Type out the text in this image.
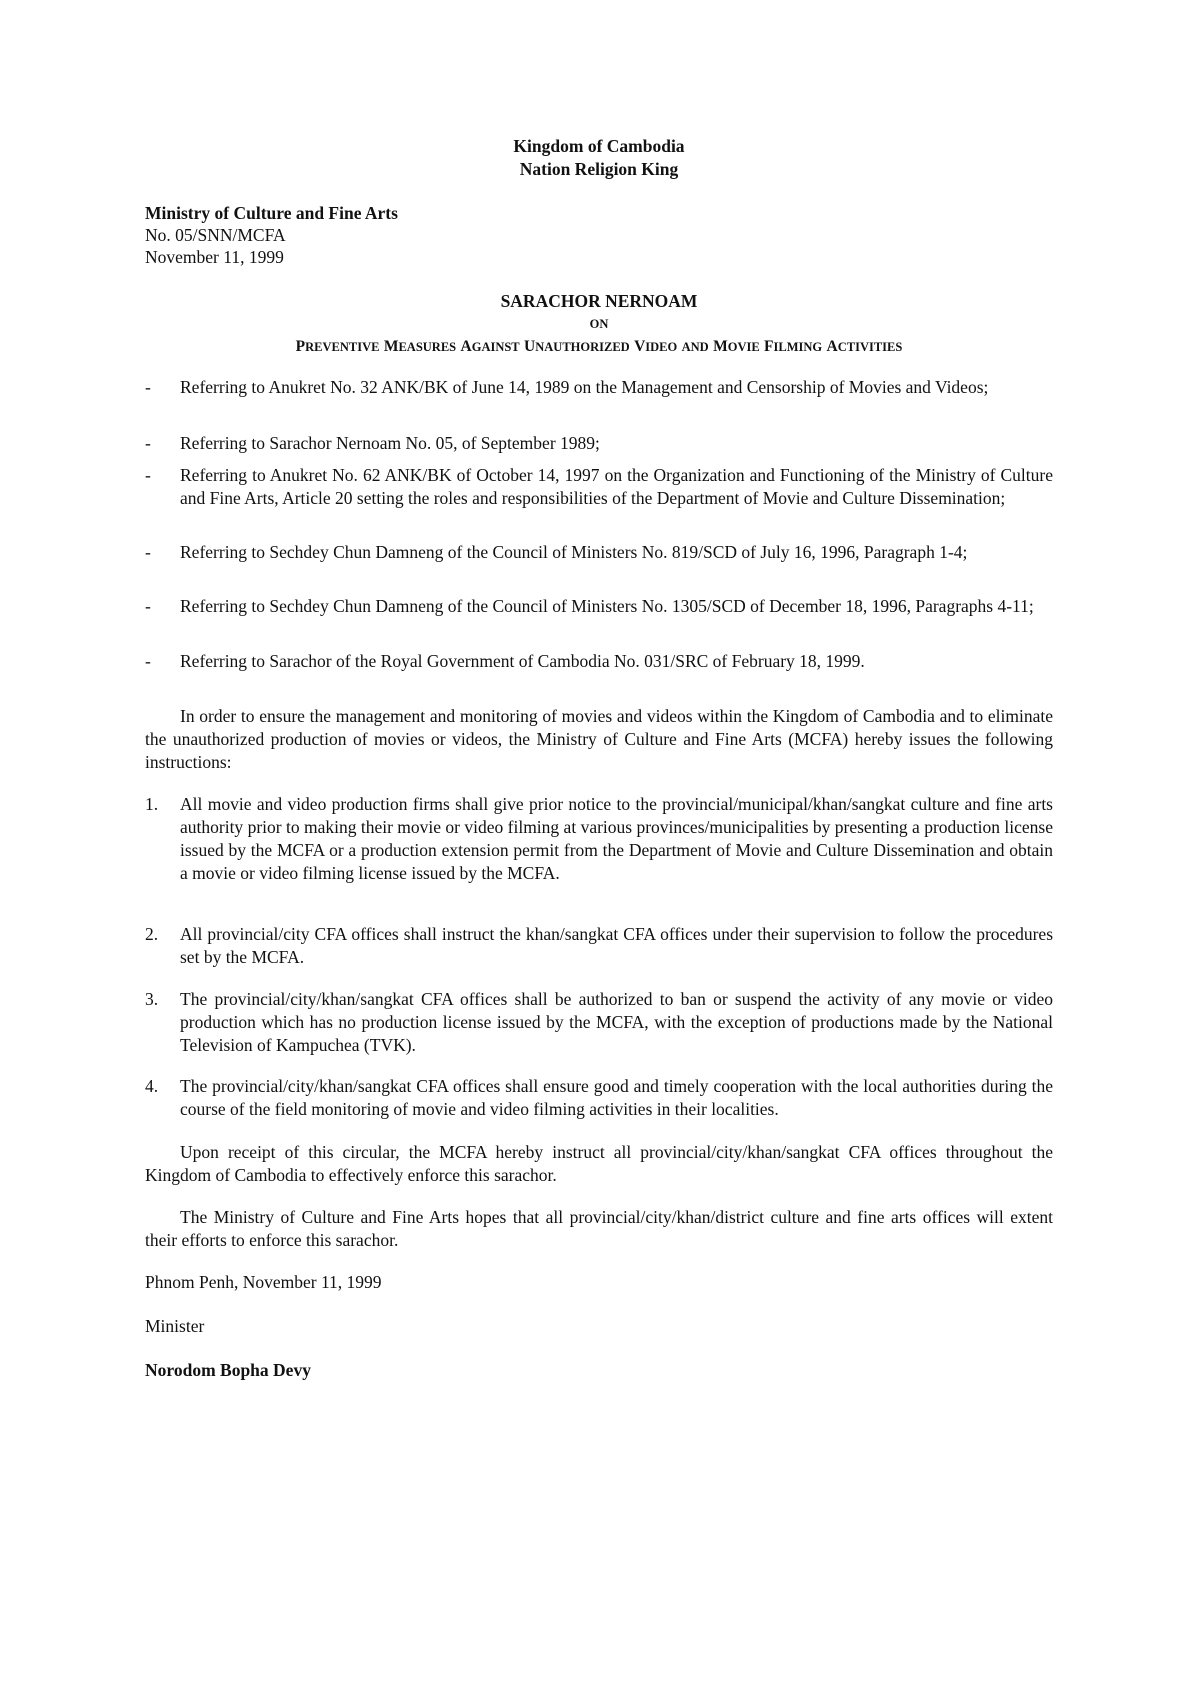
Kingdom of Cambodia
Nation Religion King
Ministry of Culture and Fine Arts
No. 05/SNN/MCFA
November 11, 1999
SARACHOR NERNOAM
ON
PREVENTIVE MEASURES AGAINST UNAUTHORIZED VIDEO AND MOVIE FILMING ACTIVITIES
- Referring to Anukret No. 32 ANK/BK of June 14, 1989 on the Management and Censorship of Movies and Videos;
- Referring to Sarachor Nernoam No. 05, of September 1989;
- Referring to Anukret No. 62 ANK/BK of October 14, 1997 on the Organization and Functioning of the Ministry of Culture and Fine Arts, Article 20 setting the roles and responsibilities of the Department of Movie and Culture Dissemination;
- Referring to Sechdey Chun Damneng of the Council of Ministers No. 819/SCD of July 16, 1996, Paragraph 1-4;
- Referring to Sechdey Chun Damneng of the Council of Ministers No. 1305/SCD of December 18, 1996, Paragraphs 4-11;
- Referring to Sarachor of the Royal Government of Cambodia No. 031/SRC of February 18, 1999.
In order to ensure the management and monitoring of movies and videos within the Kingdom of Cambodia and to eliminate the unauthorized production of movies or videos, the Ministry of Culture and Fine Arts (MCFA) hereby issues the following instructions:
1. All movie and video production firms shall give prior notice to the provincial/municipal/khan/sangkat culture and fine arts authority prior to making their movie or video filming at various provinces/municipalities by presenting a production license issued by the MCFA or a production extension permit from the Department of Movie and Culture Dissemination and obtain a movie or video filming license issued by the MCFA.
2. All provincial/city CFA offices shall instruct the khan/sangkat CFA offices under their supervision to follow the procedures set by the MCFA.
3. The provincial/city/khan/sangkat CFA offices shall be authorized to ban or suspend the activity of any movie or video production which has no production license issued by the MCFA, with the exception of productions made by the National Television of Kampuchea (TVK).
4. The provincial/city/khan/sangkat CFA offices shall ensure good and timely cooperation with the local authorities during the course of the field monitoring of movie and video filming activities in their localities.
Upon receipt of this circular, the MCFA hereby instruct all provincial/city/khan/sangkat CFA offices throughout the Kingdom of Cambodia to effectively enforce this sarachor.
The Ministry of Culture and Fine Arts hopes that all provincial/city/khan/district culture and fine arts offices will extent their efforts to enforce this sarachor.
Phnom Penh, November 11, 1999
Minister
Norodom Bopha Devy
